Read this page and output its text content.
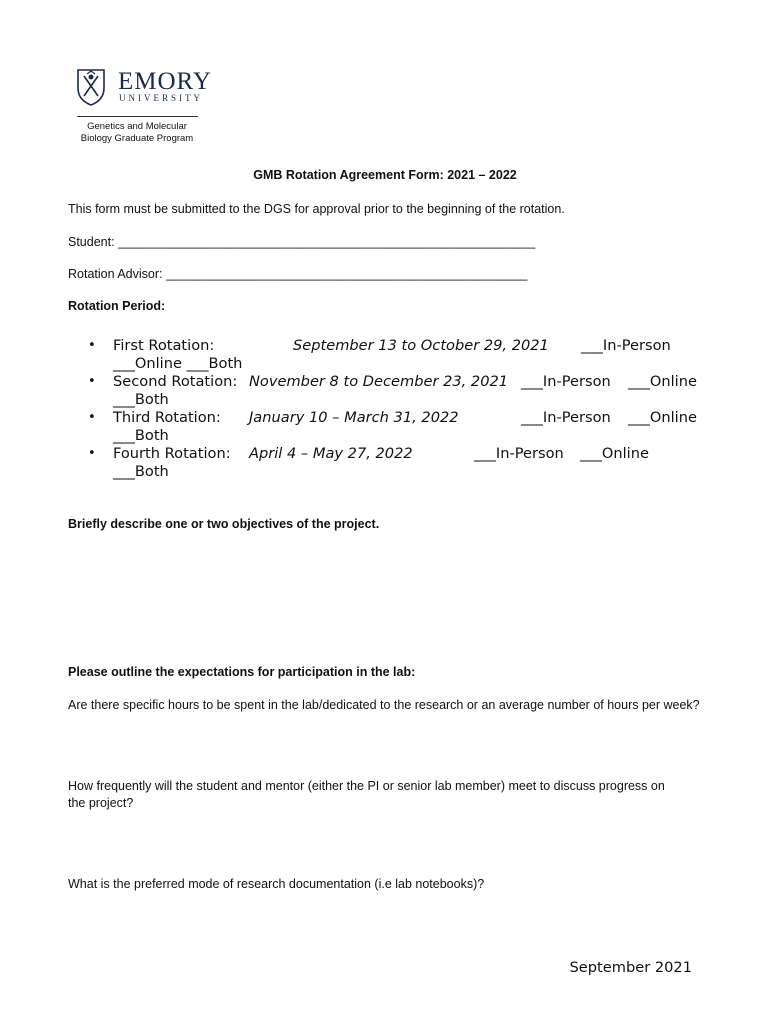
EMORY
UNIVERSITY
Genetics and Molecular
Biology Graduate Program
GMB Rotation Agreement Form: 2021 – 2022
This form must be submitted to the DGS for approval prior to the beginning of the rotation.
Student: ____________________________________________________________
Rotation Advisor: ____________________________________________________
Rotation Period:
• First Rotation:	September 13 to October 29, 2021 ___In-Person
___Online ___Both
• Second Rotation: November 8 to December 23, 2021 ___In-Person ___Online
___Both
• Third Rotation: January 10 – March 31, 2022	___In-Person ___Online
___Both
• Fourth Rotation: April 4 – May 27, 2022	___In-Person ___Online
___Both
Briefly describe one or two objectives of the project.
Please outline the expectations for participation in the lab:
Are there specific hours to be spent in the lab/dedicated to the research or an average number of hours per week?
How frequently will the student and mentor (either the PI or senior lab member) meet to discuss progress on the project?
What is the preferred mode of research documentation (i.e lab notebooks)?
September 2021
